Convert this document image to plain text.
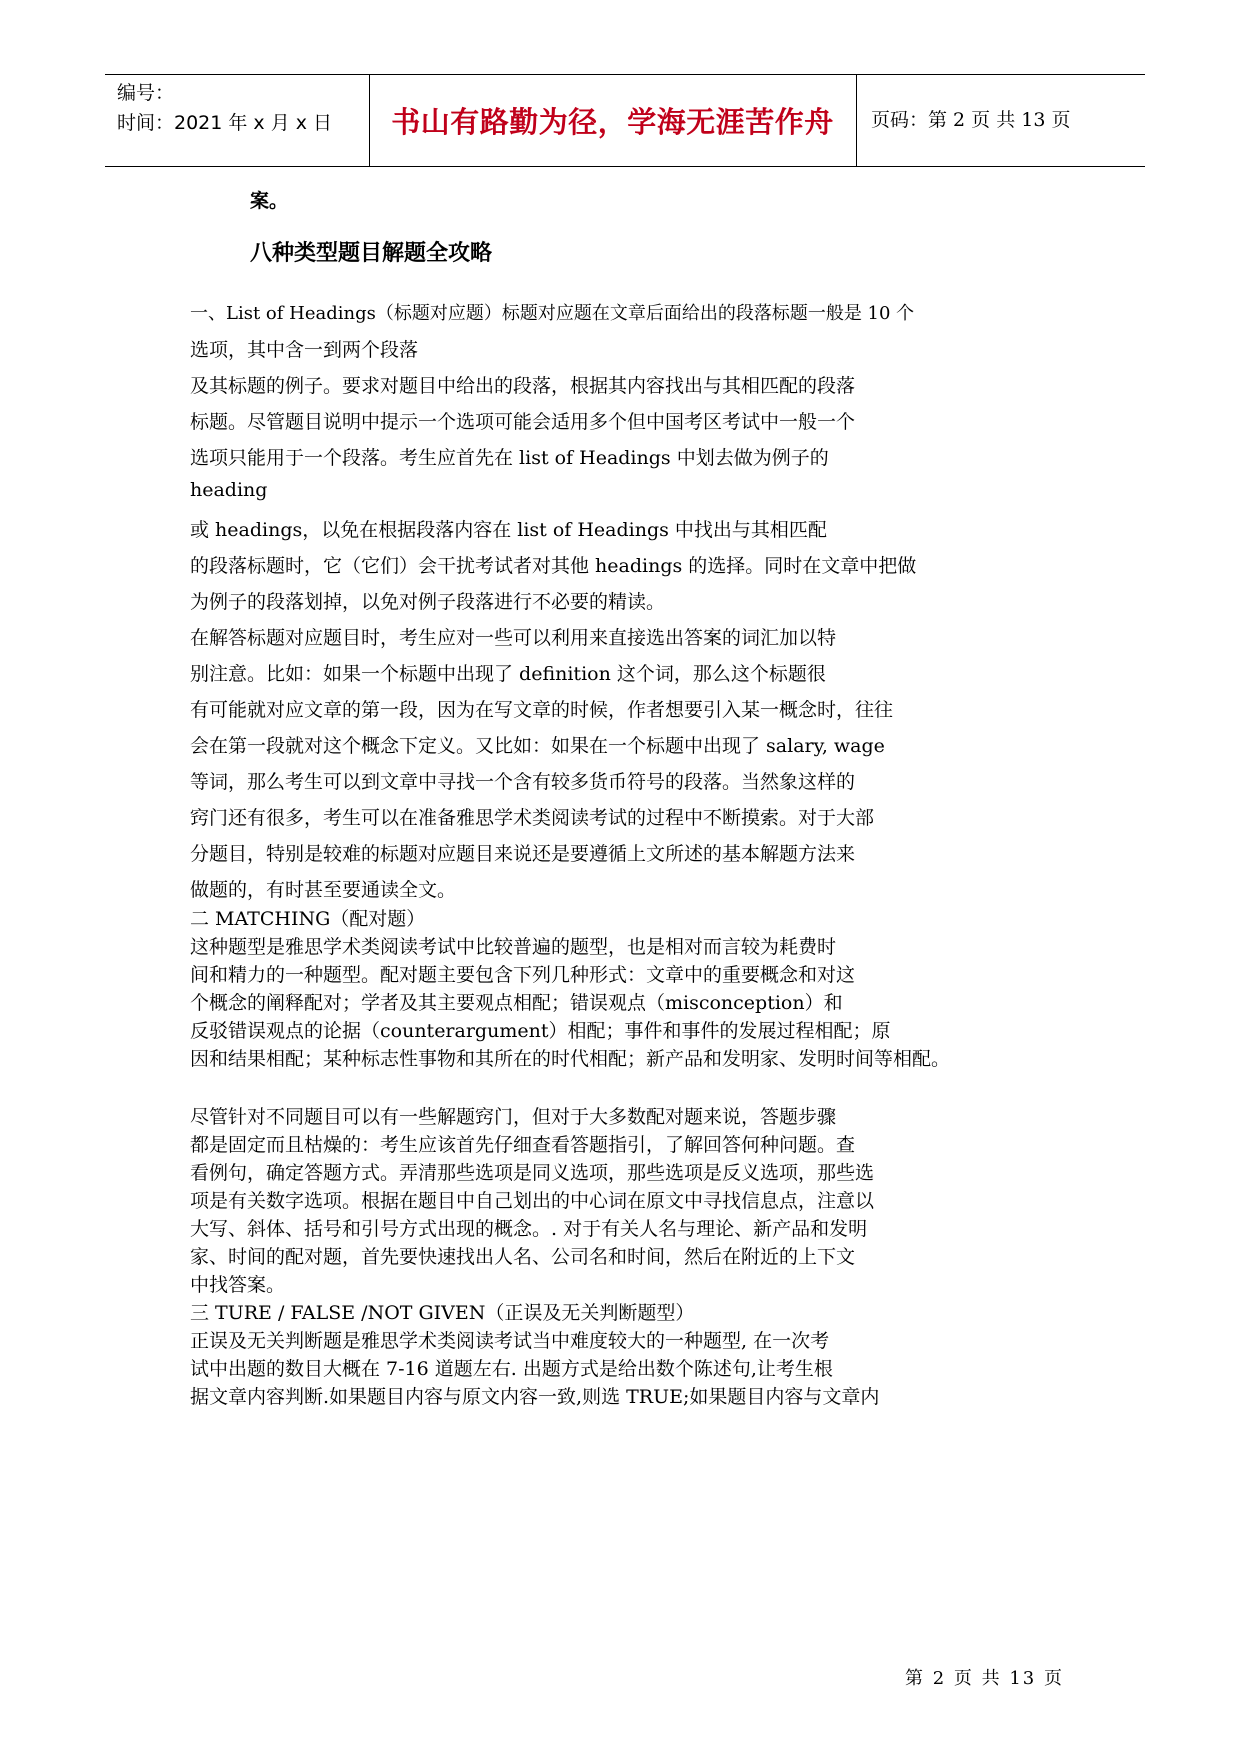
编号：
时间：2021 年 x 月 x 日	书山有路勤为径，学海无涯苦作舟	页码：第 2 页 共 13 页

案。

八种类型题目解题全攻略

一、List of Headings（标题对应题）标题对应题在文章后面给出的段落标题一般是 10 个

选项，其中含一到两个段落

及其标题的例子。要求对题目中给出的段落，根据其内容找出与其相匹配的段落

标题。尽管题目说明中提示一个选项可能会适用多个但中国考区考试中一般一个

选项只能用于一个段落。考生应首先在 list of Headings 中划去做为例子的

heading

或 headings，以免在根据段落内容在 list of Headings 中找出与其相匹配

的段落标题时，它（它们）会干扰考试者对其他 headings 的选择。同时在文章中把做

为例子的段落划掉，以免对例子段落进行不必要的精读。

在解答标题对应题目时，考生应对一些可以利用来直接选出答案的词汇加以特

别注意。比如：如果一个标题中出现了 definition 这个词，那么这个标题很

有可能就对应文章的第一段，因为在写文章的时候，作者想要引入某一概念时，往往

会在第一段就对这个概念下定义。又比如：如果在一个标题中出现了 salary, wage

等词，那么考生可以到文章中寻找一个含有较多货币符号的段落。当然象这样的

窍门还有很多，考生可以在准备雅思学术类阅读考试的过程中不断摸索。对于大部

分题目，特别是较难的标题对应题目来说还是要遵循上文所述的基本解题方法来

做题的，有时甚至要通读全文。

二 MATCHING（配对题）

这种题型是雅思学术类阅读考试中比较普遍的题型，也是相对而言较为耗费时

间和精力的一种题型。配对题主要包含下列几种形式：文章中的重要概念和对这

个概念的阐释配对；学者及其主要观点相配；错误观点（misconception）和

反驳错误观点的论据（counterargument）相配；事件和事件的发展过程相配；原

因和结果相配；某种标志性事物和其所在的时代相配；新产品和发明家、发明时间等相配。

尽管针对不同题目可以有一些解题窍门，但对于大多数配对题来说，答题步骤

都是固定而且枯燥的：考生应该首先仔细查看答题指引，了解回答何种问题。查

看例句，确定答题方式。弄清那些选项是同义选项，那些选项是反义选项，那些选

项是有关数字选项。根据在题目中自己划出的中心词在原文中寻找信息点，注意以

大写、斜体、括号和引号方式出现的概念。. 对于有关人名与理论、新产品和发明

家、时间的配对题，首先要快速找出人名、公司名和时间，然后在附近的上下文

中找答案。

三 TURE / FALSE /NOT GIVEN（正误及无关判断题型）

正误及无关判断题是雅思学术类阅读考试当中难度较大的一种题型, 在一次考

试中出题的数目大概在 7-16 道题左右. 出题方式是给出数个陈述句,让考生根

据文章内容判断.如果题目内容与原文内容一致,则选 TRUE;如果题目内容与文章内

第 2 页 共 13 页
